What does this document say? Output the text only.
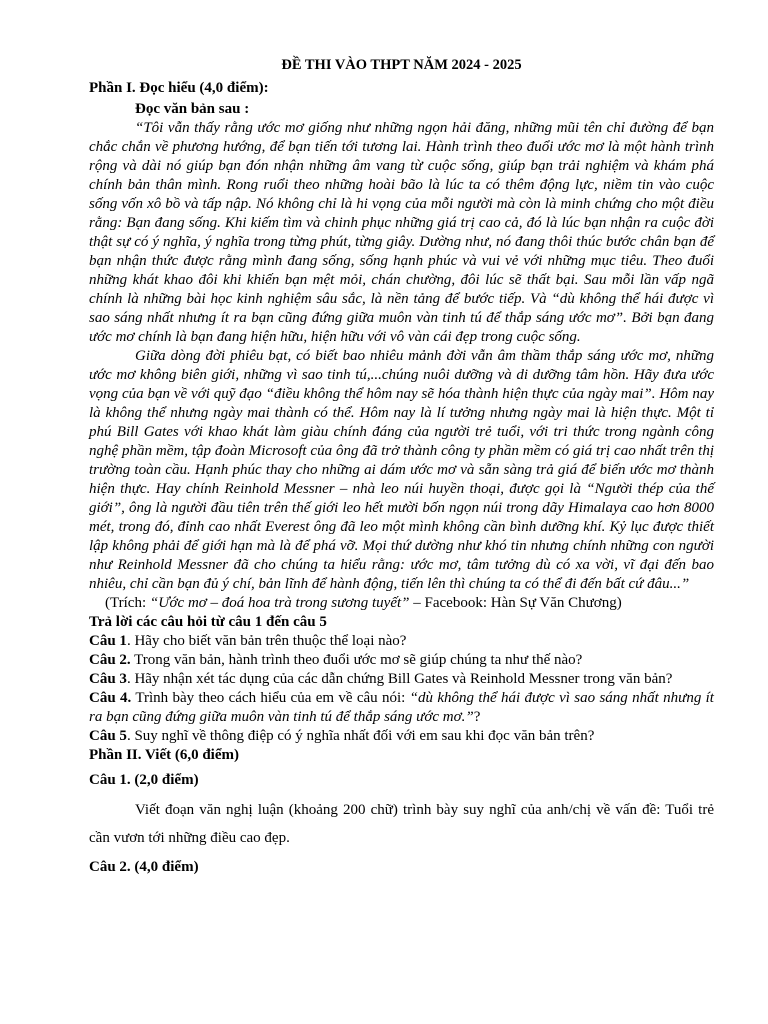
ĐỀ THI VÀO THPT NĂM 2024 - 2025

Phần I. Đọc hiểu (4,0 điểm):

Đọc văn bản sau :

“Tôi vẫn thấy rằng ước mơ giống như những ngọn hải đăng, những mũi tên chỉ đường để bạn chắc chắn về phương hướng, để bạn tiến tới tương lai. Hành trình theo đuổi ước mơ là một hành trình rộng và dài nó giúp bạn đón nhận những âm vang từ cuộc sống, giúp bạn trải nghiệm và khám phá chính bản thân mình. Rong ruổi theo những hoài bão là lúc ta có thêm động lực, niềm tin vào cuộc sống vốn xô bồ và tấp nập. Nó không chỉ là hi vọng của mỗi người mà còn là minh chứng cho một điều rằng: Bạn đang sống. Khi kiếm tìm và chinh phục những giá trị cao cả, đó là lúc bạn nhận ra cuộc đời thật sự có ý nghĩa, ý nghĩa trong từng phút, từng giây. Dường như, nó đang thôi thúc bước chân bạn để bạn nhận thức được rằng mình đang sống, sống hạnh phúc và vui vẻ với những mục tiêu. Theo đuổi những khát khao đôi khi khiến bạn mệt mỏi, chán chường, đôi lúc sẽ thất bại. Sau mỗi lần vấp ngã chính là những bài học kinh nghiệm sâu sắc, là nền tảng để bước tiếp. Và “dù không thể hái được vì sao sáng nhất nhưng ít ra bạn cũng đứng giữa muôn vàn tinh tú để thắp sáng ước mơ”. Bởi bạn đang ước mơ chính là bạn đang hiện hữu, hiện hữu với vô vàn cái đẹp trong cuộc sống.

Giữa dòng đời phiêu bạt, có biết bao nhiêu mảnh đời vẫn âm thầm thắp sáng ước mơ, những ước mơ không biên giới, những vì sao tinh tú,...chúng nuôi dưỡng và di dưỡng tâm hồn. Hãy đưa ước vọng của bạn về với quỹ đạo “điều không thể hôm nay sẽ hóa thành hiện thực của ngày mai”. Hôm nay là không thể nhưng ngày mai thành có thể. Hôm nay là lí tưởng nhưng ngày mai là hiện thực. Một tỉ phú Bill Gates với khao khát làm giàu chính đáng của người trẻ tuổi, với tri thức trong ngành công nghệ phần mềm, tập đoàn Microsoft của ông đã trở thành công ty phần mềm có giá trị cao nhất trên thị trường toàn cầu. Hạnh phúc thay cho những ai dám ước mơ và sẵn sàng trả giá để biến ước mơ thành hiện thực. Hay chính Reinhold Messner – nhà leo núi huyền thoại, được gọi là “Người thép của thế giới”, ông là người đầu tiên trên thế giới leo hết mười bốn ngọn núi trong dãy Himalaya cao hơn 8000 mét, trong đó, đỉnh cao nhất Everest ông đã leo một mình không cần bình dưỡng khí. Kỷ lục được thiết lập không phải để giới hạn mà là để phá vỡ. Mọi thứ dường như khó tin nhưng chính những con người như Reinhold Messner đã cho chúng ta hiểu rằng: ước mơ, tâm tưởng dù có xa vời, vĩ đại đến bao nhiêu, chỉ cần bạn đủ ý chí, bản lĩnh để hành động, tiến lên thì chúng ta có thể đi đến bất cứ đâu...”

(Trích: “Ước mơ – đoá hoa trà trong sương tuyết” – Facebook: Hàn Sự Văn Chương)

Trả lời các câu hỏi từ câu 1 đến câu 5

Câu 1. Hãy cho biết văn bản trên thuộc thể loại nào?

Câu 2. Trong văn bản, hành trình theo đuổi ước mơ sẽ giúp chúng ta như thế nào?

Câu 3. Hãy nhận xét tác dụng của các dẫn chứng Bill Gates và Reinhold Messner trong văn bản?

Câu 4. Trình bày theo cách hiểu của em về câu nói: “dù không thể hái được vì sao sáng nhất nhưng ít ra bạn cũng đứng giữa muôn vàn tinh tú để thắp sáng ước mơ.”?

Câu 5. Suy nghĩ về thông điệp có ý nghĩa nhất đối với em sau khi đọc văn bản trên?

Phần II. Viết (6,0 điểm)

Câu 1. (2,0 điểm)

Viết đoạn văn nghị luận (khoảng 200 chữ) trình bày suy nghĩ của anh/chị về vấn đề: Tuổi trẻ cần vươn tới những điều cao đẹp.

Câu 2. (4,0 điểm)
